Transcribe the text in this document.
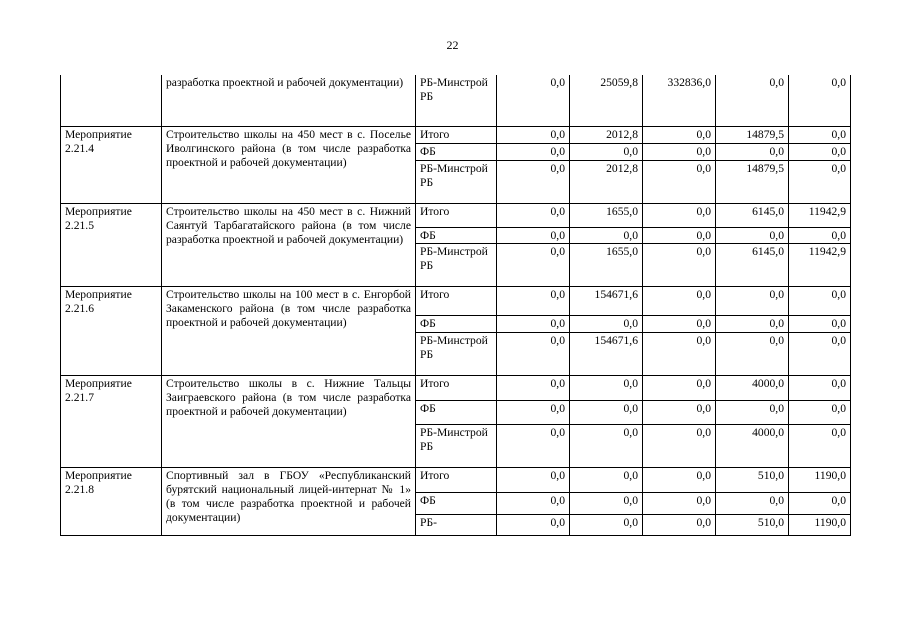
22
	разработка проектной и рабочей документации)	РБ-Минстрой РБ	0,0	25059,8	332836,0	0,0	0,0
Мероприятие 2.21.4	Строительство школы на 450 мест в с. Поселье Иволгинского района (в том числе разработка проектной и рабочей документации)	Итого	0,0	2012,8	0,0	14879,5	0,0
		ФБ	0,0	0,0	0,0	0,0	0,0
		РБ-Минстрой РБ	0,0	2012,8	0,0	14879,5	0,0
Мероприятие 2.21.5	Строительство школы на 450 мест в с. Нижний Саянтуй Тарбагатайского района (в том числе разработка проектной и рабочей документации)	Итого	0,0	1655,0	0,0	6145,0	11942,9
		ФБ	0,0	0,0	0,0	0,0	0,0
		РБ-Минстрой РБ	0,0	1655,0	0,0	6145,0	11942,9
Мероприятие 2.21.6	Строительство школы на 100 мест в с. Енгорбой Закаменского района (в том числе разработка проектной и рабочей документации)	Итого	0,0	154671,6	0,0	0,0	0,0
		ФБ	0,0	0,0	0,0	0,0	0,0
		РБ-Минстрой РБ	0,0	154671,6	0,0	0,0	0,0
Мероприятие 2.21.7	Строительство школы в с. Нижние Тальцы Заиграевского района (в том числе разработка проектной и рабочей документации)	Итого	0,0	0,0	0,0	4000,0	0,0
		ФБ	0,0	0,0	0,0	0,0	0,0
		РБ-Минстрой РБ	0,0	0,0	0,0	4000,0	0,0
Мероприятие 2.21.8	Спортивный зал в ГБОУ «Республиканский бурятский национальный лицей-интернат № 1» (в том числе разработка проектной и рабочей документации)	Итого	0,0	0,0	0,0	510,0	1190,0
		ФБ	0,0	0,0	0,0	0,0	0,0
		РБ-	0,0	0,0	0,0	510,0	1190,0
